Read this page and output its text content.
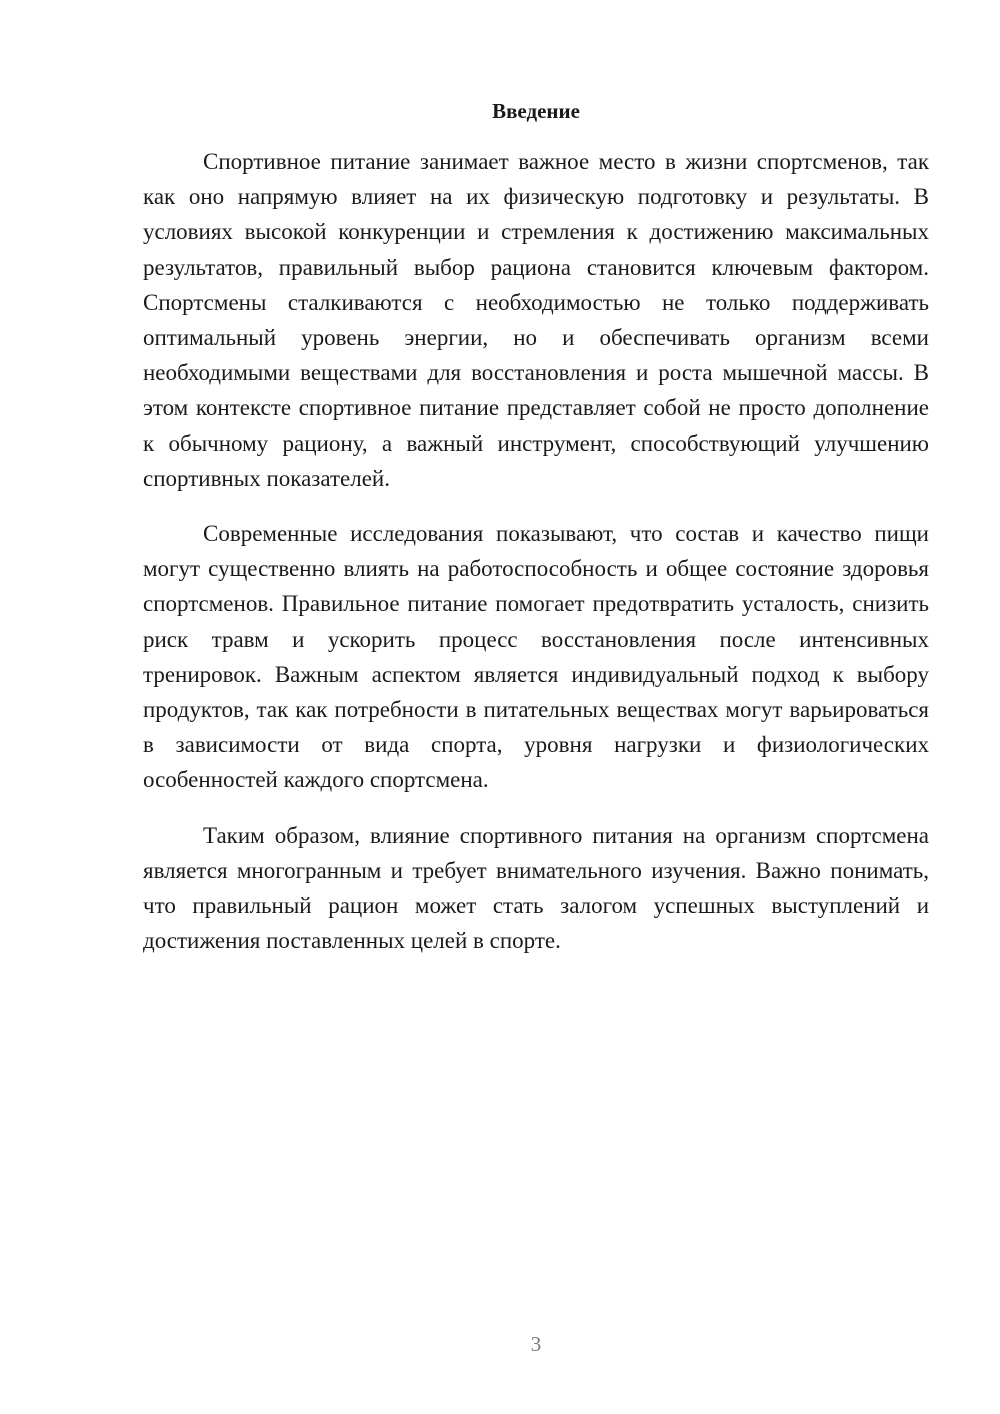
Введение

Спортивное питание занимает важное место в жизни спортсменов, так как оно напрямую влияет на их физическую подготовку и результаты. В условиях высокой конкуренции и стремления к достижению максимальных результатов, правильный выбор рациона становится ключевым фактором. Спортсмены сталкиваются с необходимостью не только поддерживать оптимальный уровень энергии, но и обеспечивать организм всеми необходимыми веществами для восстановления и роста мышечной массы. В этом контексте спортивное питание представляет собой не просто дополнение к обычному рациону, а важный инструмент, способствующий улучшению спортивных показателей.

Современные исследования показывают, что состав и качество пищи могут существенно влиять на работоспособность и общее состояние здоровья спортсменов. Правильное питание помогает предотвратить усталость, снизить риск травм и ускорить процесс восстановления после интенсивных тренировок. Важным аспектом является индивидуальный подход к выбору продуктов, так как потребности в питательных веществах могут варьироваться в зависимости от вида спорта, уровня нагрузки и физиологических особенностей каждого спортсмена.

Таким образом, влияние спортивного питания на организм спортсмена является многогранным и требует внимательного изучения. Важно понимать, что правильный рацион может стать залогом успешных выступлений и достижения поставленных целей в спорте.

3
